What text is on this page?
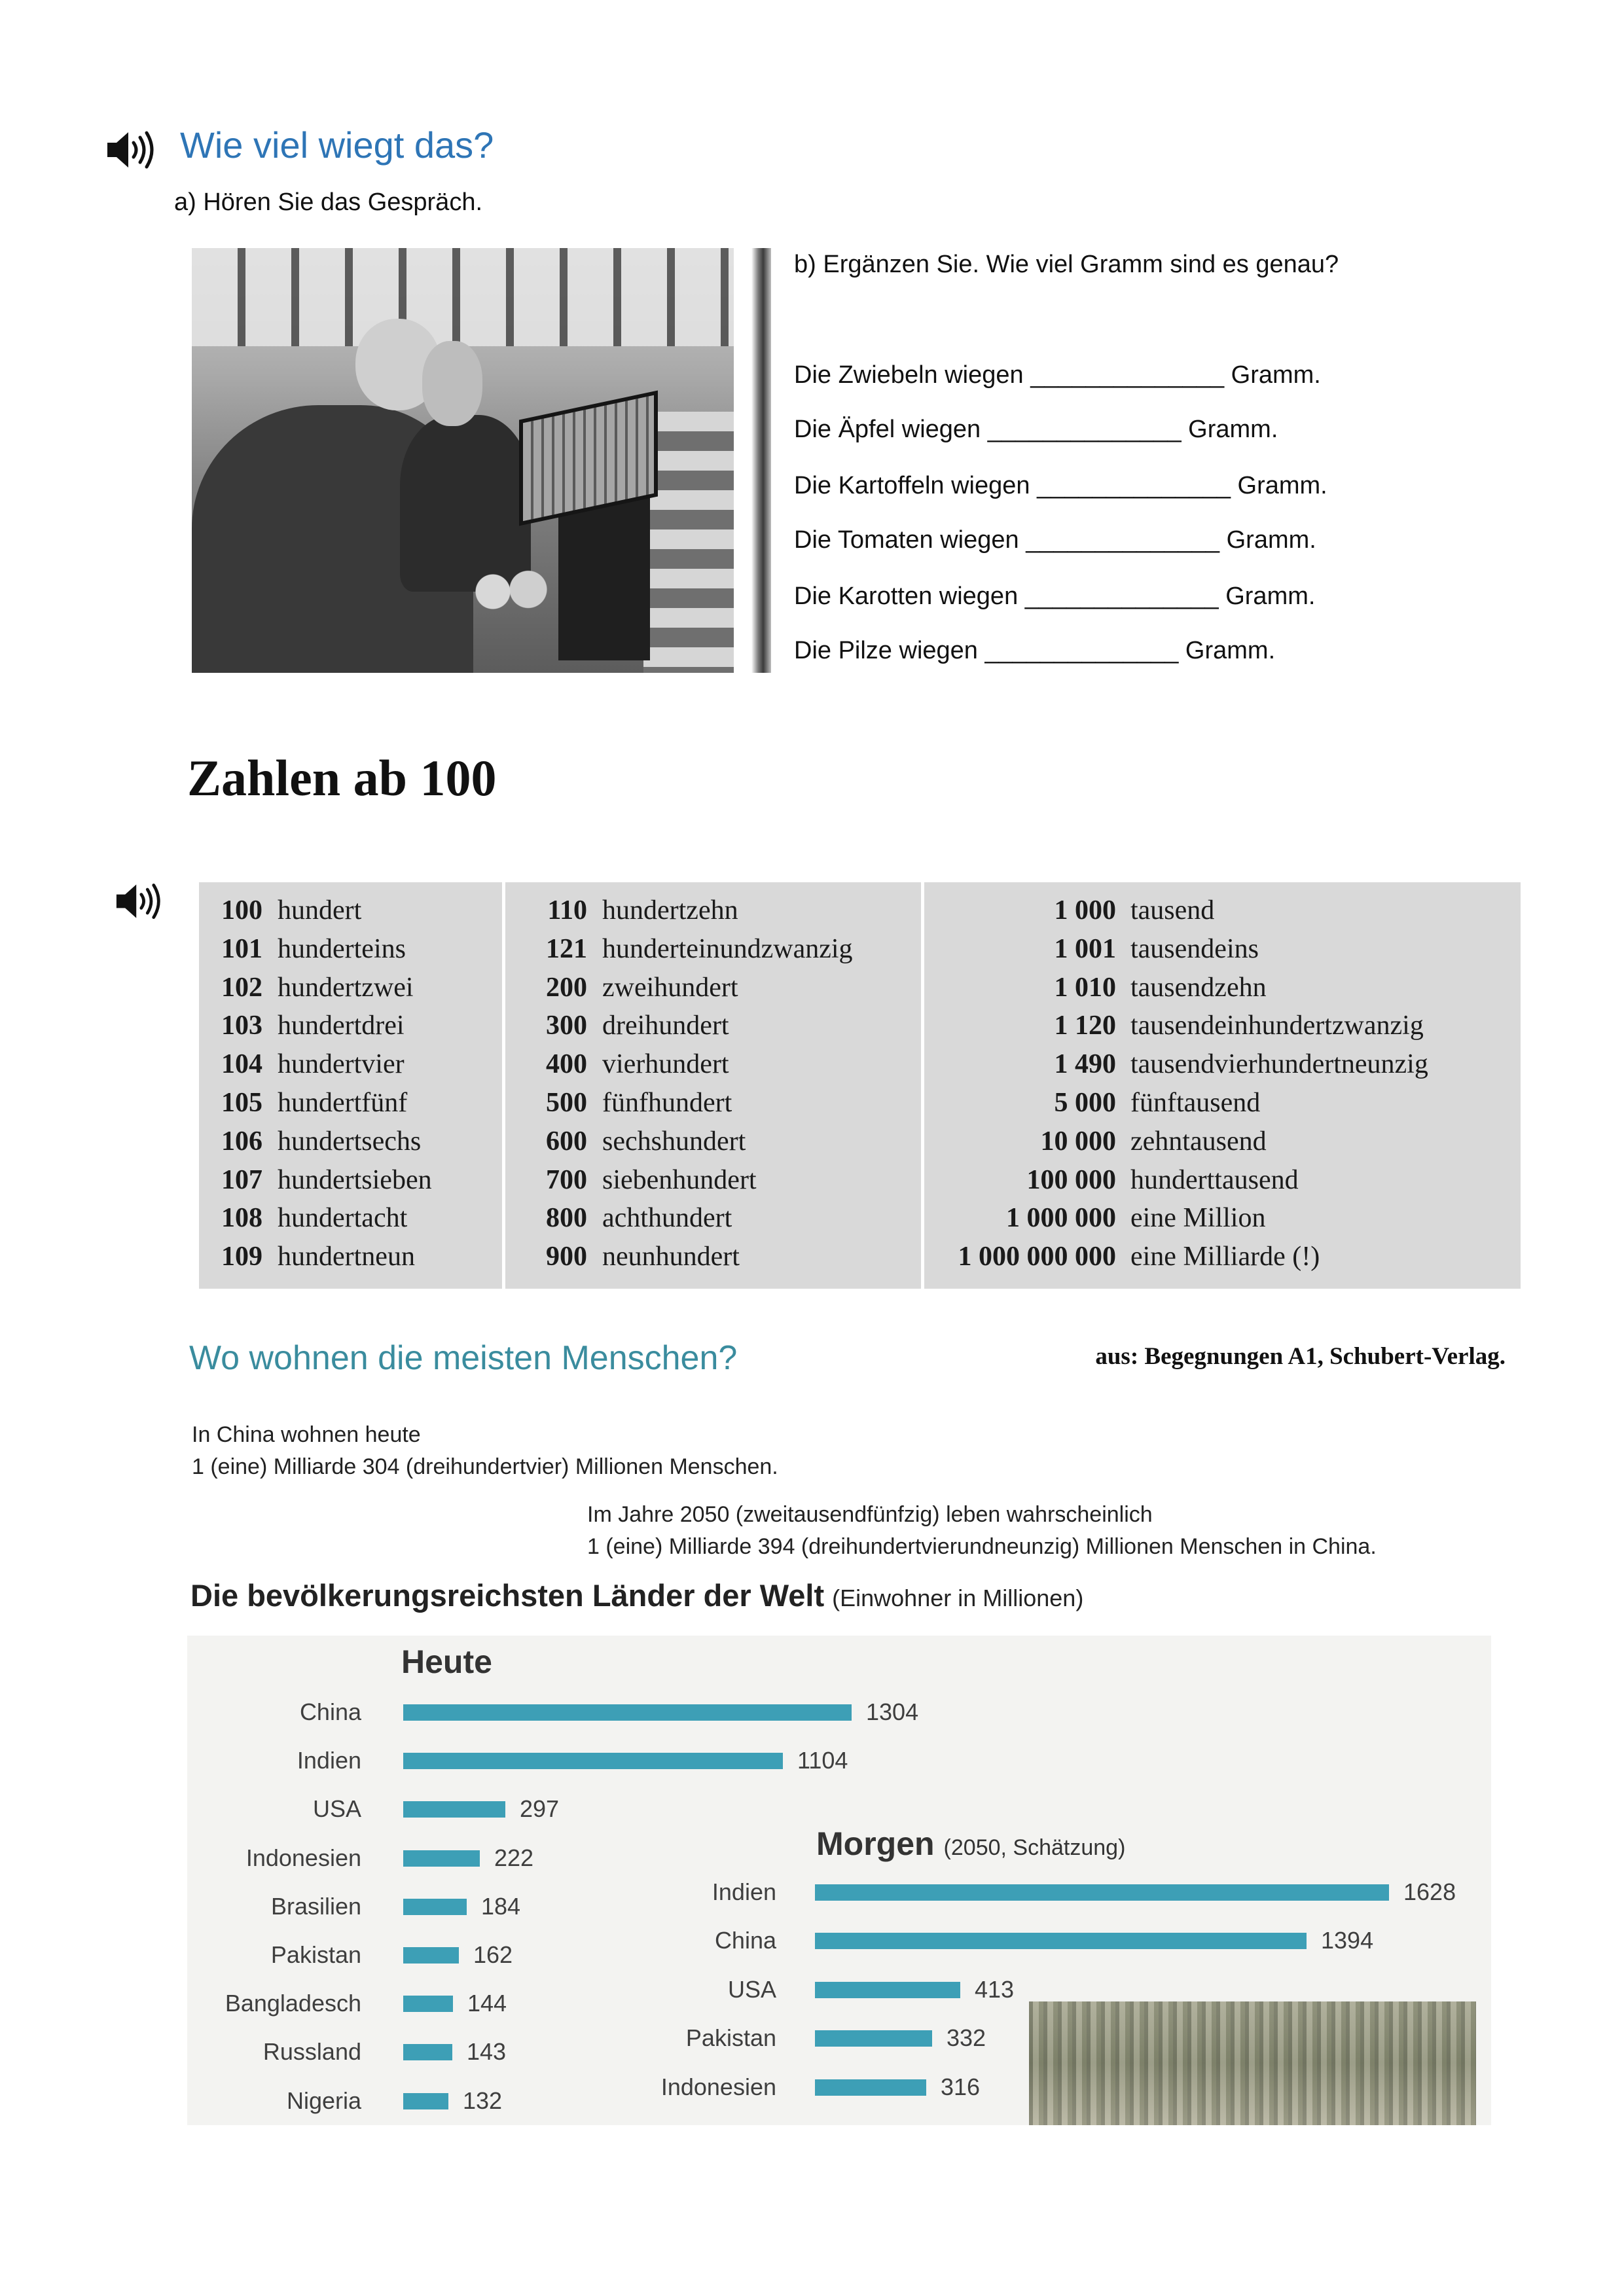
Wie viel wiegt das?
a) Hören Sie das Gespräch.
b) Ergänzen Sie. Wie viel Gramm sind es genau?
Die Zwiebeln wiegen ______________ Gramm.
Die Äpfel wiegen ______________ Gramm.
Die Kartoffeln wiegen ______________ Gramm.
Die Tomaten wiegen ______________ Gramm.
Die Karotten wiegen ______________ Gramm.
Die Pilze wiegen ______________ Gramm.
Zahlen ab 100
100 hundert
101 hunderteins
102 hundertzwei
103 hundertdrei
104 hundertvier
105 hundertfünf
106 hundertsechs
107 hundertsieben
108 hundertacht
109 hundertneun
110 hundertzehn
121 hunderteinundzwanzig
200 zweihundert
300 dreihundert
400 vierhundert
500 fünfhundert
600 sechshundert
700 siebenhundert
800 achthundert
900 neunhundert
1 000 tausend
1 001 tausendeins
1 010 tausendzehn
1 120 tausendeinhundertzwanzig
1 490 tausendvierhundertneunzig
5 000 fünftausend
10 000 zehntausend
100 000 hunderttausend
1 000 000 eine Million
1 000 000 000 eine Milliarde (!)
Wo wohnen die meisten Menschen?	aus: Begegnungen A1, Schubert-Verlag.
In China wohnen heute
1 (eine) Milliarde 304 (dreihundertvier) Millionen Menschen.
Im Jahre 2050 (zweitausendfünfzig) leben wahrscheinlich
1 (eine) Milliarde 394 (dreihundertvierundneunzig) Millionen Menschen in China.
Die bevölkerungsreichsten Länder der Welt (Einwohner in Millionen)
Heute
Morgen (2050, Schätzung)
China	1304
Indien	1104
USA	297
Indonesien	222
Brasilien	184
Pakistan	162
Bangladesch	144
Russland	143
Nigeria	132
Indien	1628
China	1394
USA	413
Pakistan	332
Indonesien	316
